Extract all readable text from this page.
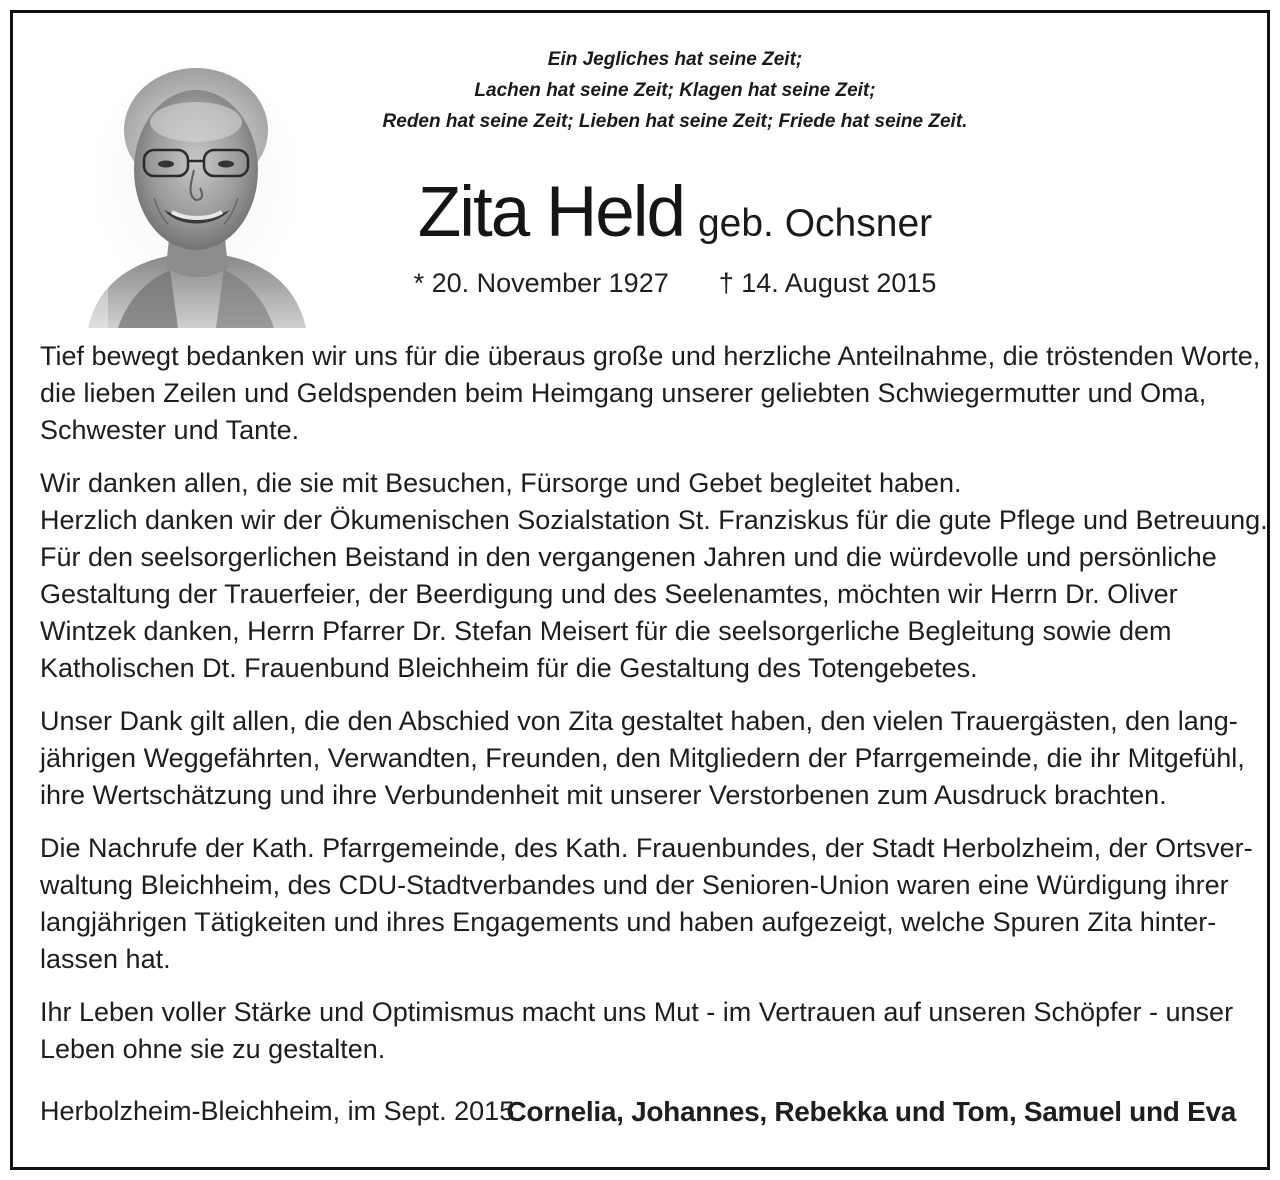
Ein Jegliches hat seine Zeit;
Lachen hat seine Zeit; Klagen hat seine Zeit;
Reden hat seine Zeit; Lieben hat seine Zeit; Friede hat seine Zeit.
Zita Held geb. Ochsner
* 20. November 1927 † 14. August 2015

Tief bewegt bedanken wir uns für die überaus große und herzliche Anteilnahme, die tröstenden Worte,
die lieben Zeilen und Geldspenden beim Heimgang unserer geliebten Schwiegermutter und Oma,
Schwester und Tante.

Wir danken allen, die sie mit Besuchen, Fürsorge und Gebet begleitet haben.
Herzlich danken wir der Ökumenischen Sozialstation St. Franziskus für die gute Pflege und Betreuung.
Für den seelsorgerlichen Beistand in den vergangenen Jahren und die würdevolle und persönliche
Gestaltung der Trauerfeier, der Beerdigung und des Seelenamtes, möchten wir Herrn Dr. Oliver
Wintzek danken, Herrn Pfarrer Dr. Stefan Meisert für die seelsorgerliche Begleitung sowie dem
Katholischen Dt. Frauenbund Bleichheim für die Gestaltung des Totengebetes.

Unser Dank gilt allen, die den Abschied von Zita gestaltet haben, den vielen Trauergästen, den lang-
jährigen Weggefährten, Verwandten, Freunden, den Mitgliedern der Pfarrgemeinde, die ihr Mitgefühl,
ihre Wertschätzung und ihre Verbundenheit mit unserer Verstorbenen zum Ausdruck brachten.

Die Nachrufe der Kath. Pfarrgemeinde, des Kath. Frauenbundes, der Stadt Herbolzheim, der Ortsver-
waltung Bleichheim, des CDU-Stadtverbandes und der Senioren-Union waren eine Würdigung ihrer
langjährigen Tätigkeiten und ihres Engagements und haben aufgezeigt, welche Spuren Zita hinter-
lassen hat.

Ihr Leben voller Stärke und Optimismus macht uns Mut - im Vertrauen auf unseren Schöpfer - unser
Leben ohne sie zu gestalten.

Herbolzheim-Bleichheim, im Sept. 2015
Cornelia, Johannes, Rebekka und Tom, Samuel und Eva
